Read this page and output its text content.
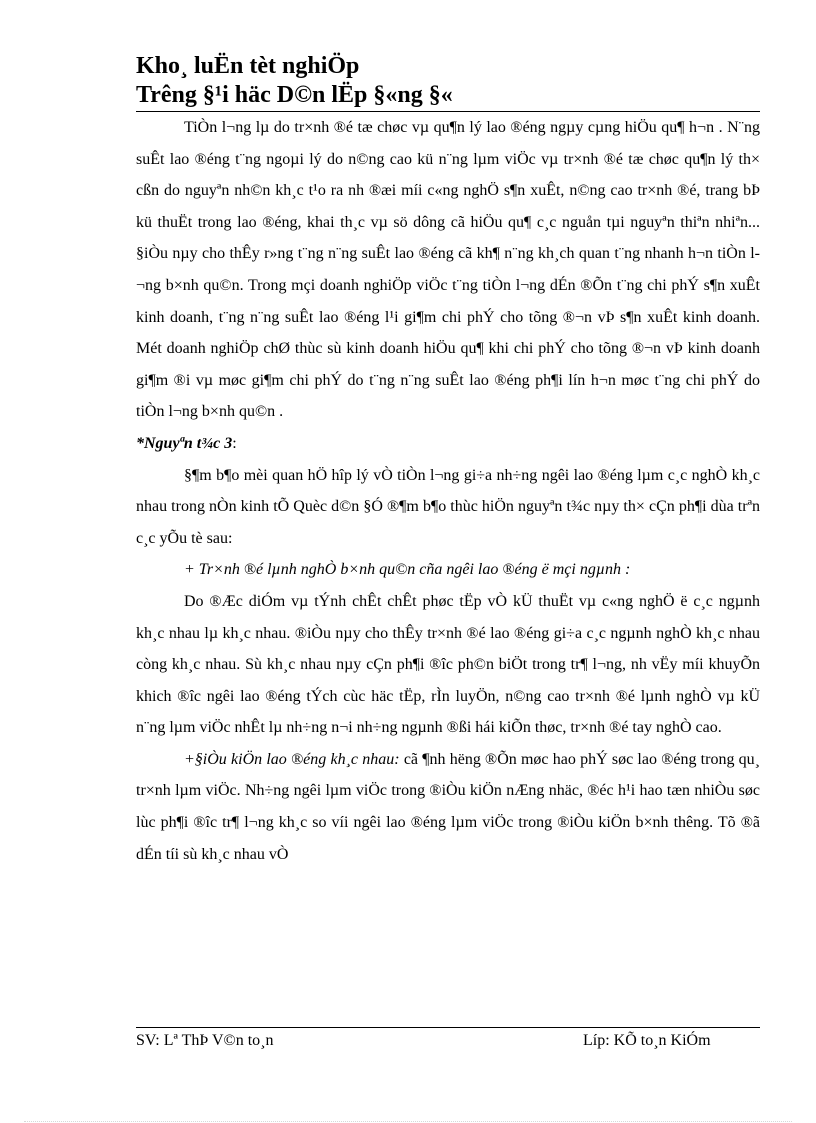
Kho¸ luËn tèt nghiÖp
Trêng §¹i häc D©n lËp §«ng §«

TiÒn l¬ng lµ do tr×nh ®é tæ chøc vµ qu¶n lý lao ®éng ngµy cµng hiÖu qu¶ h¬n . N¨ng suÊt lao ®éng t¨ng ngoµi lý do n©ng cao kü n¨ng lµm viÖc vµ tr×nh ®é tæ chøc qu¶n lý th× cßn do nguyªn nh©n kh¸c t¹o ra nh ®æi míi c«ng nghÖ s¶n xuÊt, n©ng cao tr×nh ®é, trang bÞ kü thuËt trong lao ®éng, khai th¸c vµ sö dông cã hiÖu qu¶ c¸c nguån tµi nguyªn thiªn nhiªn... §iÒu nµy cho thÊy r»ng t¨ng n¨ng suÊt lao ®éng cã kh¶ n¨ng kh¸ch quan t¨ng nhanh h¬n tiÒn l¬ng b×nh qu©n. Trong mçi doanh nghiÖp viÖc t¨ng tiÒn l¬ng dÉn ®Õn t¨ng chi phÝ s¶n xuÊt kinh doanh, t¨ng n¨ng suÊt lao ®éng l¹i gi¶m chi phÝ cho tõng ®¬n vÞ s¶n xuÊt kinh doanh. Mét doanh nghiÖp chØ thùc sù kinh doanh hiÖu qu¶ khi chi phÝ cho tõng ®¬n vÞ kinh doanh gi¶m ®i vµ møc gi¶m chi phÝ do t¨ng n¨ng suÊt lao ®éng ph¶i lín h¬n møc t¨ng chi phÝ do tiÒn l¬ng b×nh qu©n .

*Nguyªn t¾c 3:

§¶m b¶o mèi quan hÖ hîp lý vÒ tiÒn l¬ng gi÷a nh÷ng ngêi lao ®éng lµm c¸c nghÒ kh¸c nhau trong nÒn kinh tÕ Quèc d©n §Ó ®¶m b¶o thùc hiÖn nguyªn t¾c nµy th× cÇn ph¶i dùa trªn c¸c yÕu tè sau:

+ Tr×nh ®é lµnh nghÒ b×nh qu©n cña ngêi lao ®éng ë mçi ngµnh :

Do ®Æc diÓm vµ tÝnh chÊt chÊt phøc tËp vÒ kÜ thuËt vµ c«ng nghÖ ë c¸c ngµnh kh¸c nhau lµ kh¸c nhau. ®iÒu nµy cho thÊy tr×nh ®é lao ®éng gi÷a c¸c ngµnh nghÒ kh¸c nhau còng kh¸c nhau. Sù kh¸c nhau nµy cÇn ph¶i ®îc ph©n biÖt trong tr¶ l¬ng, nh vËy míi khuyÕn khich ®îc ngêi lao ®éng tÝch cùc häc tËp, rÌn luyÖn, n©ng cao tr×nh ®é lµnh nghÒ vµ kÜ n¨ng lµm viÖc nhÊt lµ nh÷ng n¬i nh÷ng ngµnh ®ßi hái kiÕn thøc, tr×nh ®é tay nghÒ cao.

+§iÒu kiÖn lao ®éng kh¸c nhau: cã ¶nh hëng ®Õn møc hao phÝ søc lao ®éng trong qu¸ tr×nh lµm viÖc. Nh÷ng ngêi lµm viÖc trong ®iÒu kiÖn nÆng nhäc, ®éc h¹i hao tæn nhiÒu søc lùc ph¶i ®îc tr¶ l¬ng kh¸c so víi ngêi lao ®éng lµm viÖc trong ®iÒu kiÖn b×nh thêng. Tõ ®ã dÉn tíi sù kh¸c nhau vÒ

SV: Lª ThÞ V©n to¸n	Líp: KÕ to¸n KiÓm
